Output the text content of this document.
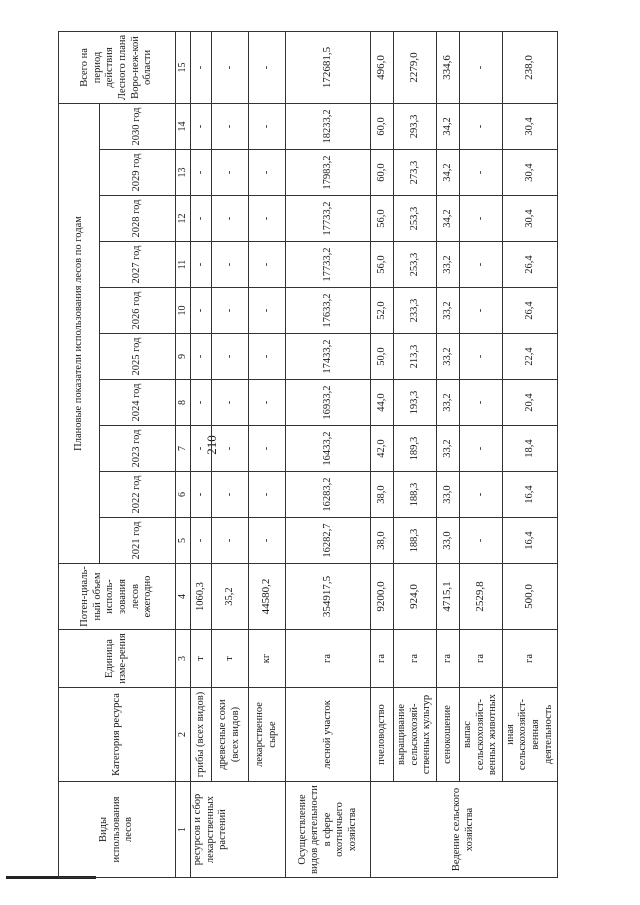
210
Виды использования лесов	Категория ресурса	Единица изме-рения	Потен-циаль-ный объем исполь-зования лесов ежегодно	Плановые показатели использования лесов по годам										Всего на период действия Лесного плана Воро-неж-кой области
				2021 год	2022 год	2023 год	2024 год	2025 год	2026 год	2027 год	2028 год	2029 год	2030 год	
1	2	3	4	5	6	7	8	9	10	11	12	13	14	15
ресурсов и сбор лекарственных растений	грибы (всех видов)	т	1060,3	-	-	-	-	-	-	-	-	-	-	-
	древесные соки (всех видов)	т	35,2	-	-	-	-	-	-	-	-	-	-	-
	лекарственное сырье	кг	44580,2	-	-	-	-	-	-	-	-	-	-	-
Осуществление видов деятельности в сфере охотничьего хозяйства	лесной участок	га	354917,5	16282,7	16283,2	16433,2	16933,2	17433,2	17633,2	17733,2	17733,2	17983,2	18233,2	172681,5
Ведение сельского хозяйства	пчеловодство	га	9200,0	38,0	38,0	42,0	44,0	50,0	52,0	56,0	56,0	60,0	60,0	496,0
	выращивание сельскохозяй-ственных культур	га	924,0	188,3	188,3	189,3	193,3	213,3	233,3	253,3	253,3	273,3	293,3	2279,0
	сенокошение	га	4715,1	33,0	33,0	33,2	33,2	33,2	33,2	33,2	34,2	34,2	34,2	334,6
	выпас сельскохозяйст-венных животных	га	2529,8	-	-	-	-	-	-	-	-	-	-	-
	иная сельскохозяйст-венная деятельность	га	500,0	16,4	16,4	18,4	20,4	22,4	26,4	26,4	30,4	30,4	30,4	238,0
